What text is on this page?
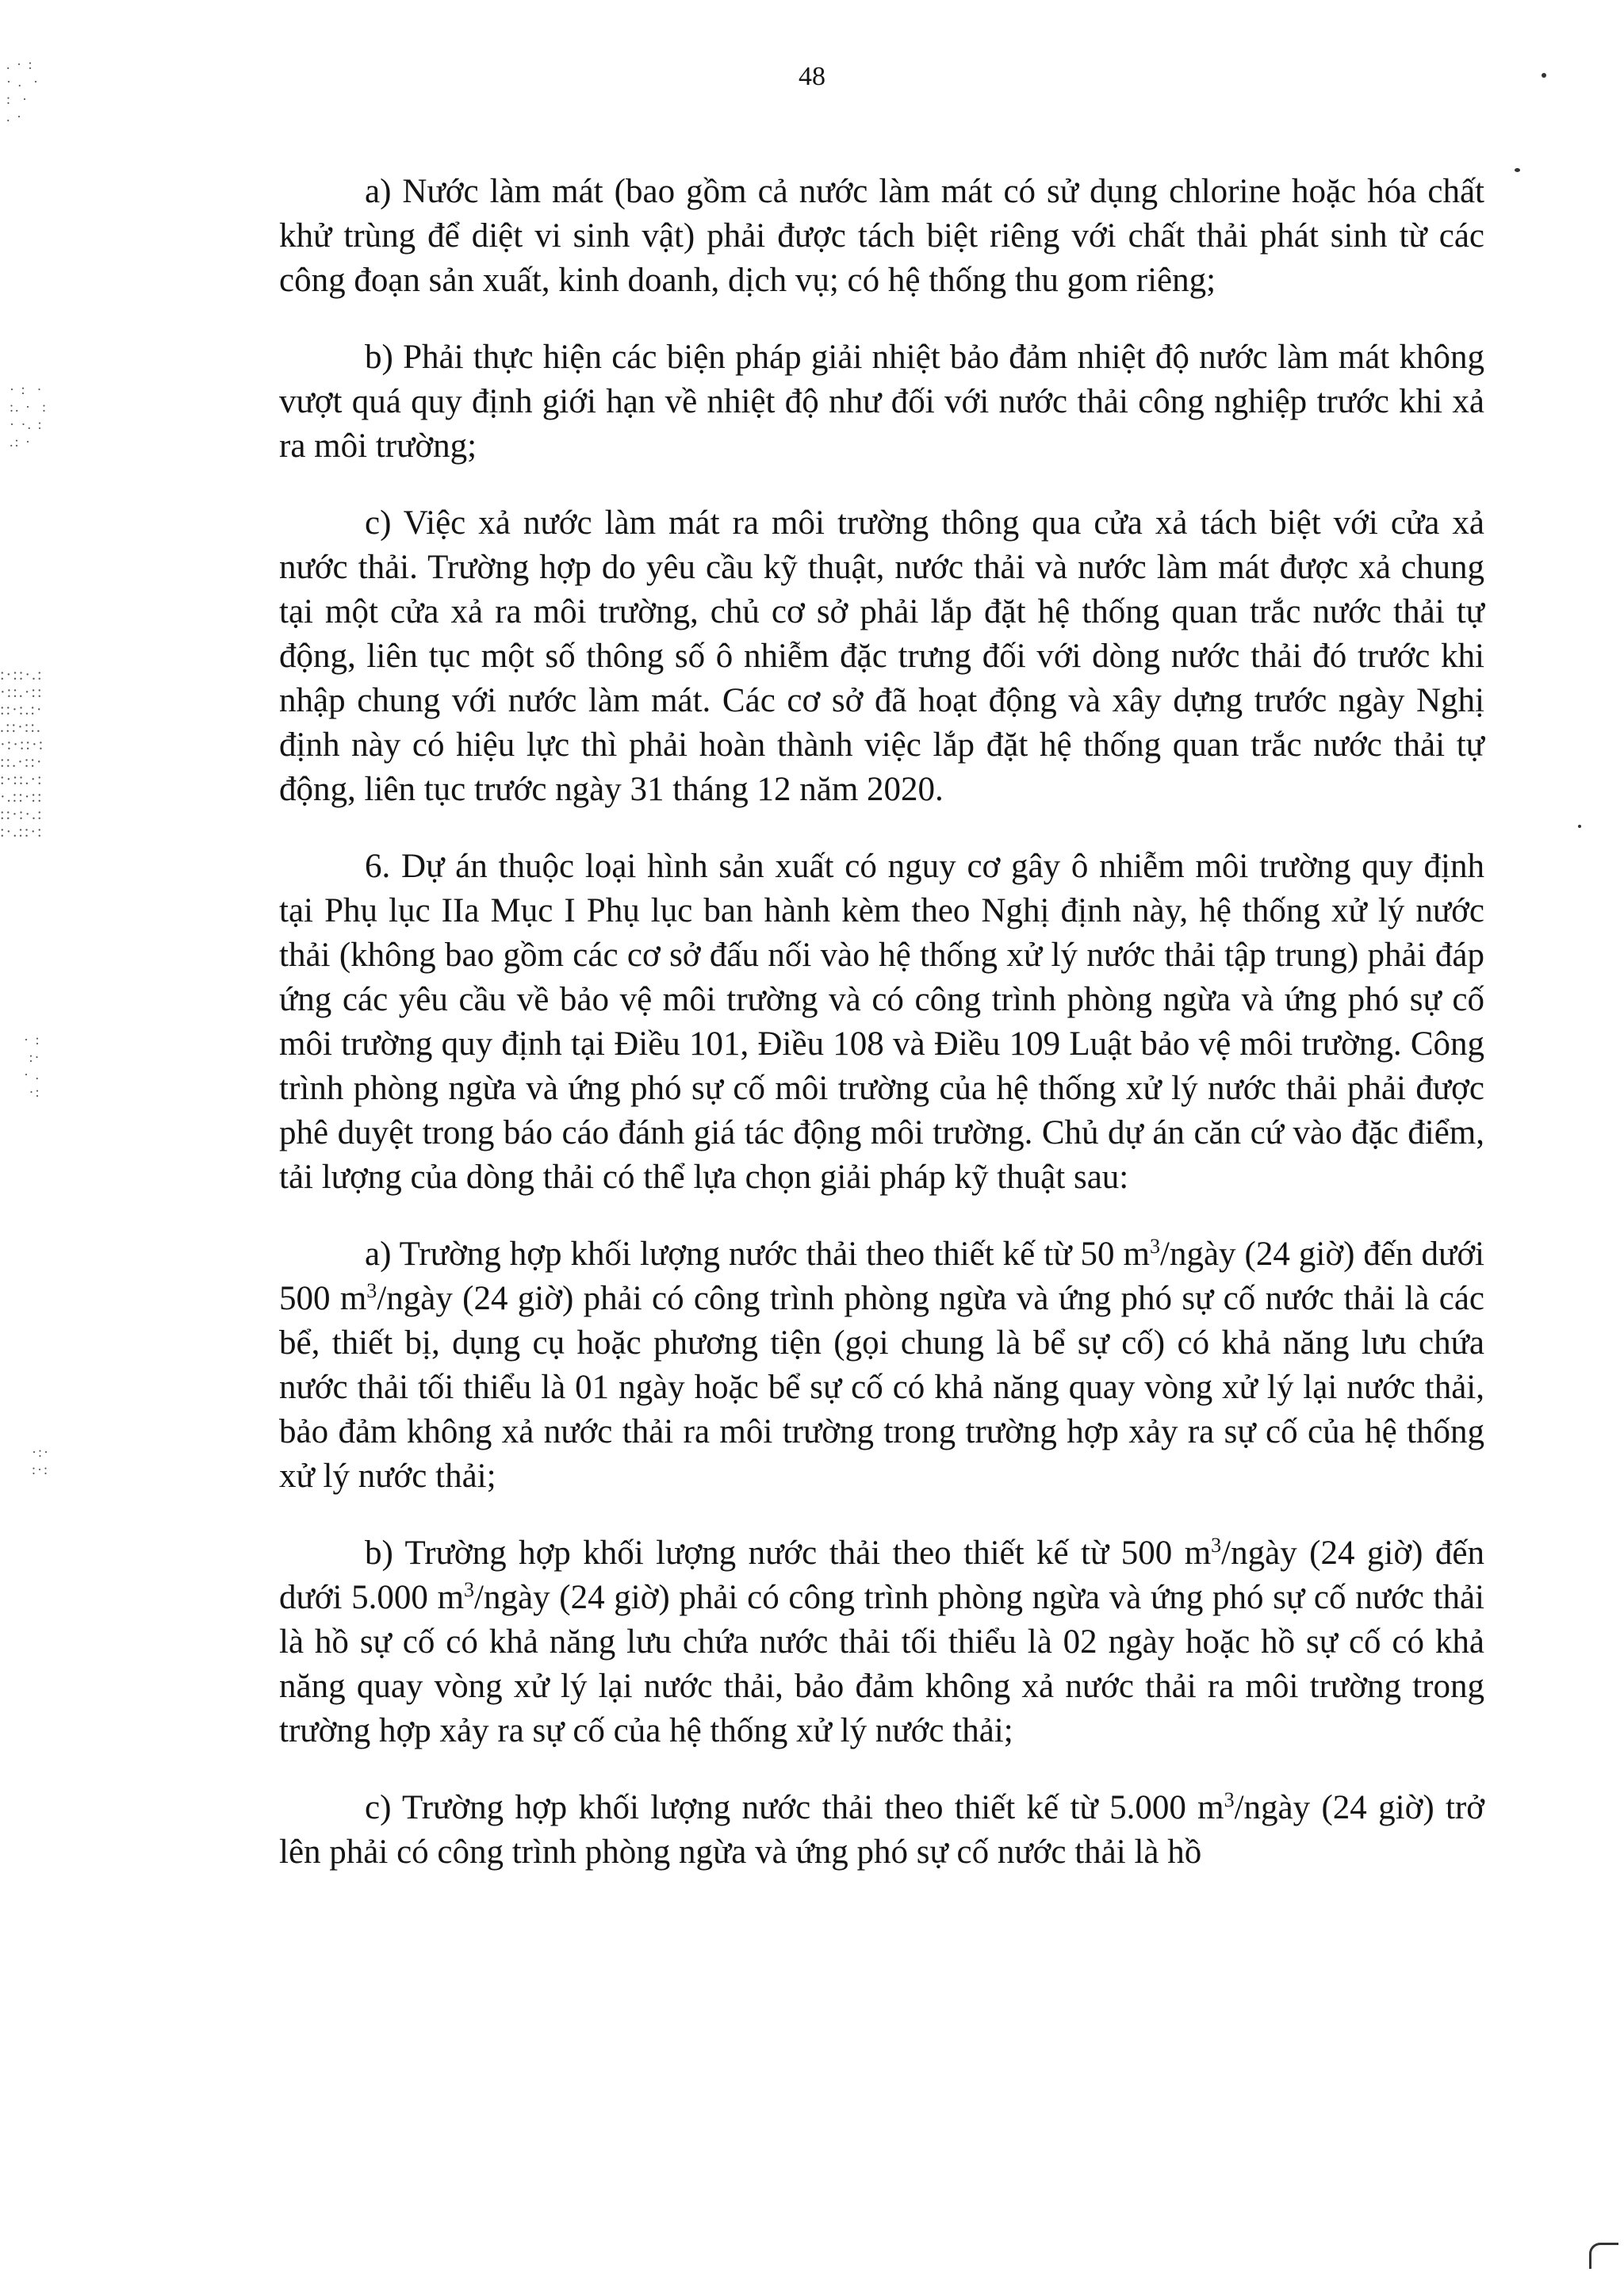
. · :
· .  ·
:  ·
. ·
· :  ·
:. ·  :
· ·. :
.: ·
:·::·.:
·::.·::
::·:.:·
.::·::.
·:·::·:
::.·::·
:·::.·:
·.::·::
::·:·.:
:·.::·:
· :
:·
· .
·:
·:·
:·:
48

a) Nước làm mát (bao gồm cả nước làm mát có sử dụng chlorine hoặc hóa chất khử trùng để diệt vi sinh vật) phải được tách biệt riêng với chất thải phát sinh từ các công đoạn sản xuất, kinh doanh, dịch vụ; có hệ thống thu gom riêng;

b) Phải thực hiện các biện pháp giải nhiệt bảo đảm nhiệt độ nước làm mát không vượt quá quy định giới hạn về nhiệt độ như đối với nước thải công nghiệp trước khi xả ra môi trường;

c) Việc xả nước làm mát ra môi trường thông qua cửa xả tách biệt với cửa xả nước thải. Trường hợp do yêu cầu kỹ thuật, nước thải và nước làm mát được xả chung tại một cửa xả ra môi trường, chủ cơ sở phải lắp đặt hệ thống quan trắc nước thải tự động, liên tục một số thông số ô nhiễm đặc trưng đối với dòng nước thải đó trước khi nhập chung với nước làm mát. Các cơ sở đã hoạt động và xây dựng trước ngày Nghị định này có hiệu lực thì phải hoàn thành việc lắp đặt hệ thống quan trắc nước thải tự động, liên tục trước ngày 31 tháng 12 năm 2020.

6. Dự án thuộc loại hình sản xuất có nguy cơ gây ô nhiễm môi trường quy định tại Phụ lục IIa Mục I Phụ lục ban hành kèm theo Nghị định này, hệ thống xử lý nước thải (không bao gồm các cơ sở đấu nối vào hệ thống xử lý nước thải tập trung) phải đáp ứng các yêu cầu về bảo vệ môi trường và có công trình phòng ngừa và ứng phó sự cố môi trường quy định tại Điều 101, Điều 108 và Điều 109 Luật bảo vệ môi trường. Công trình phòng ngừa và ứng phó sự cố môi trường của hệ thống xử lý nước thải phải được phê duyệt trong báo cáo đánh giá tác động môi trường. Chủ dự án căn cứ vào đặc điểm, tải lượng của dòng thải có thể lựa chọn giải pháp kỹ thuật sau:

a) Trường hợp khối lượng nước thải theo thiết kế từ 50 $m^3$/ngày (24 giờ) đến dưới 500 $m^3$/ngày (24 giờ) phải có công trình phòng ngừa và ứng phó sự cố nước thải là các bể, thiết bị, dụng cụ hoặc phương tiện (gọi chung là bể sự cố) có khả năng lưu chứa nước thải tối thiểu là 01 ngày hoặc bể sự cố có khả năng quay vòng xử lý lại nước thải, bảo đảm không xả nước thải ra môi trường trong trường hợp xảy ra sự cố của hệ thống xử lý nước thải;

b) Trường hợp khối lượng nước thải theo thiết kế từ 500 $m^3$/ngày (24 giờ) đến dưới 5.000 $m^3$/ngày (24 giờ) phải có công trình phòng ngừa và ứng phó sự cố nước thải là hồ sự cố có khả năng lưu chứa nước thải tối thiểu là 02 ngày hoặc hồ sự cố có khả năng quay vòng xử lý lại nước thải, bảo đảm không xả nước thải ra môi trường trong trường hợp xảy ra sự cố của hệ thống xử lý nước thải;

c) Trường hợp khối lượng nước thải theo thiết kế từ 5.000 $m^3$/ngày (24 giờ) trở lên phải có công trình phòng ngừa và ứng phó sự cố nước thải là hồ
